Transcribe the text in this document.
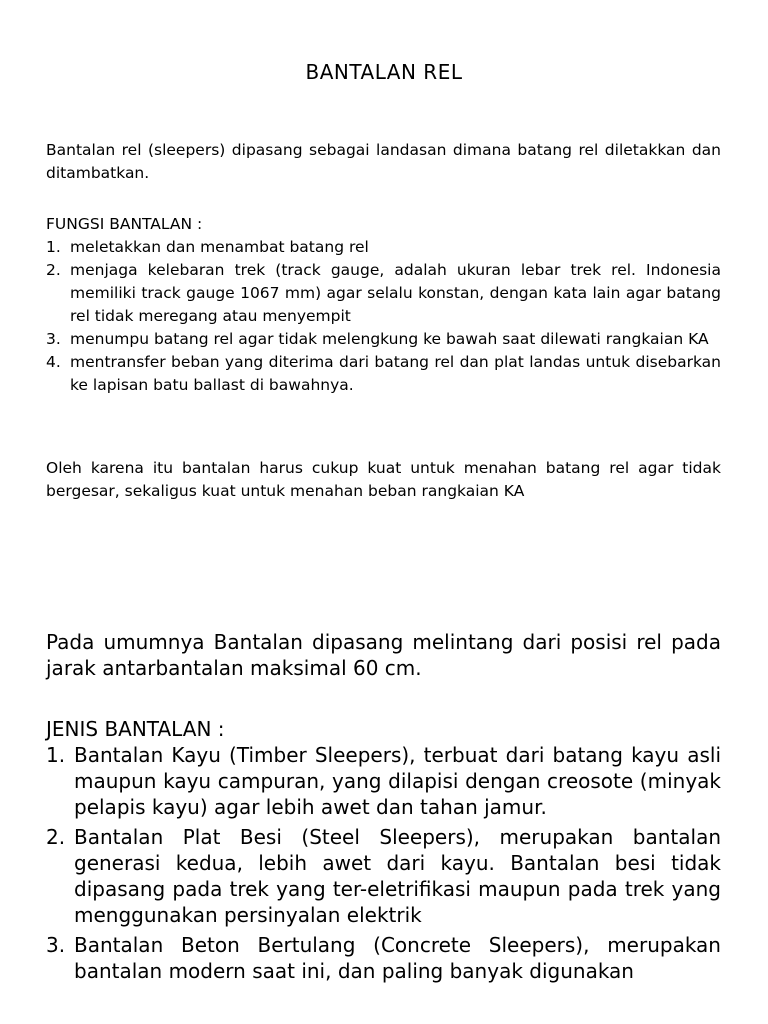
BANTALAN REL
Bantalan rel (sleepers) dipasang sebagai landasan dimana batang rel diletakkan dan ditambatkan.
FUNGSI BANTALAN :
1. meletakkan dan menambat batang rel
2. menjaga kelebaran trek (track gauge, adalah ukuran lebar trek rel. Indonesia memiliki track gauge 1067 mm) agar selalu konstan, dengan kata lain agar batang rel tidak meregang atau menyempit
3. menumpu batang rel agar tidak melengkung ke bawah saat dilewati rangkaian KA
4. mentransfer beban yang diterima dari batang rel dan plat landas untuk disebarkan ke lapisan batu ballast di bawahnya.
Oleh karena itu bantalan harus cukup kuat untuk menahan batang rel agar tidak bergesar, sekaligus kuat untuk menahan beban rangkaian KA
Pada umumnya Bantalan dipasang melintang dari posisi rel pada jarak antarbantalan maksimal 60 cm.
JENIS BANTALAN :
1. Bantalan Kayu (Timber Sleepers), terbuat dari batang kayu asli maupun kayu campuran, yang dilapisi dengan creosote (minyak pelapis kayu) agar lebih awet dan tahan jamur.
2. Bantalan Plat Besi (Steel Sleepers), merupakan bantalan generasi kedua, lebih awet dari kayu. Bantalan besi tidak dipasang pada trek yang ter-eletrifikasi maupun pada trek yang menggunakan persinyalan elektrik
3. Bantalan Beton Bertulang (Concrete Sleepers), merupakan bantalan modern saat ini, dan paling banyak digunakan
